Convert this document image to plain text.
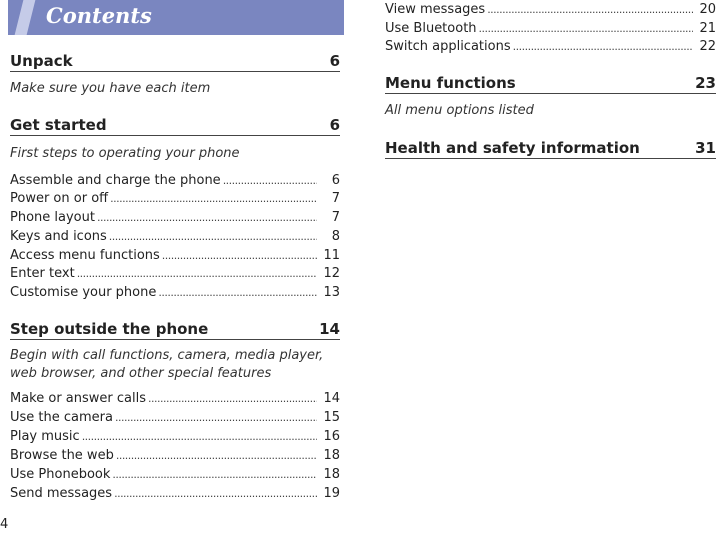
Contents
Unpack	6
Make sure you have each item
Get started	6
First steps to operating your phone
Assemble and charge the phone . . .	6
Power on or off . . .	7
Phone layout . . .	7
Keys and icons . . .	8
Access menu functions . . .	11
Enter text . . .	12
Customise your phone . . .	13
Step outside the phone	14
Begin with call functions, camera, media player, web browser, and other special features
Make or answer calls . . .	14
Use the camera . . .	15
Play music . . .	16
Browse the web . . .	18
Use Phonebook . . .	18
Send messages . . .	19
View messages . . .	20
Use Bluetooth . . .	21
Switch applications . . .	22
Menu functions	23
All menu options listed
Health and safety information	31
4
